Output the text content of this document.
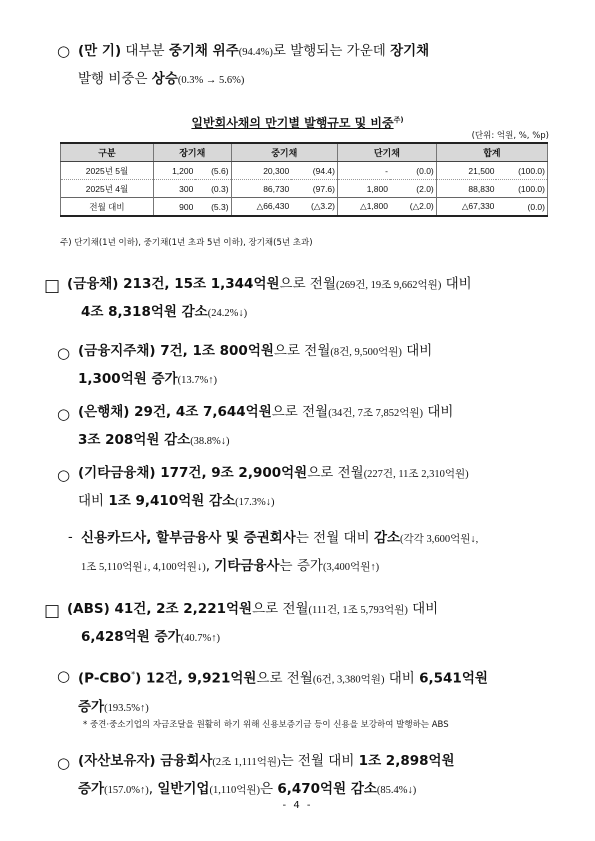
○ (만 기) 대부분 중기채 위주(94.4%)로 발행되는 가운데 장기채
발행 비중은 상승(0.3% → 5.6%)
일반회사채의 만기별 발행규모 및 비중$^{주)}$
(단위: 억원, %, %p)
구분	장기채		중기채		단기채		합계	
2025년 5월	1,200	(5.6)	20,300	(94.4)	-	(0.0)	21,500	(100.0)
2025년 4월	300	(0.3)	86,730	(97.6)	1,800	(2.0)	88,830	(100.0)
전월 대비	900	(5.3)	△66,430	(△3.2)	△1,800	(△2.0)	△67,330	(0.0)
주) 단기채(1년 이하), 중기채(1년 초과 5년 이하), 장기채(5년 초과)
□ (금융채) 213건, 15조 1,344억원으로 전월(269건, 19조 9,662억원) 대비
4조 8,318억원 감소(24.2%↓)
○ (금융지주채) 7건, 1조 800억원으로 전월(8건, 9,500억원) 대비
1,300억원 증가(13.7%↑)
○ (은행채) 29건, 4조 7,644억원으로 전월(34건, 7조 7,852억원) 대비
3조 208억원 감소(38.8%↓)
○ (기타금융채) 177건, 9조 2,900억원으로 전월(227건, 11조 2,310억원)
대비 1조 9,410억원 감소(17.3%↓)
- 신용카드사, 할부금융사 및 증권회사는 전월 대비 감소(각각 3,600억원↓,
1조 5,110억원↓, 4,100억원↓), 기타금융사는 증가(3,400억원↑)
□ (ABS) 41건, 2조 2,221억원으로 전월(111건, 1조 5,793억원) 대비
6,428억원 증가(40.7%↑)
○ (P-CBO*) 12건, 9,921억원으로 전월(6건, 3,380억원) 대비 6,541억원
증가(193.5%↑)
* 중견·중소기업의 자금조달을 원활히 하기 위해 신용보증기금 등이 신용을 보강하여 발행하는 ABS
○ (자산보유자) 금융회사(2조 1,111억원)는 전월 대비 1조 2,898억원
증가(157.0%↑), 일반기업(1,110억원)은 6,470억원 감소(85.4%↓)
- 4 -
